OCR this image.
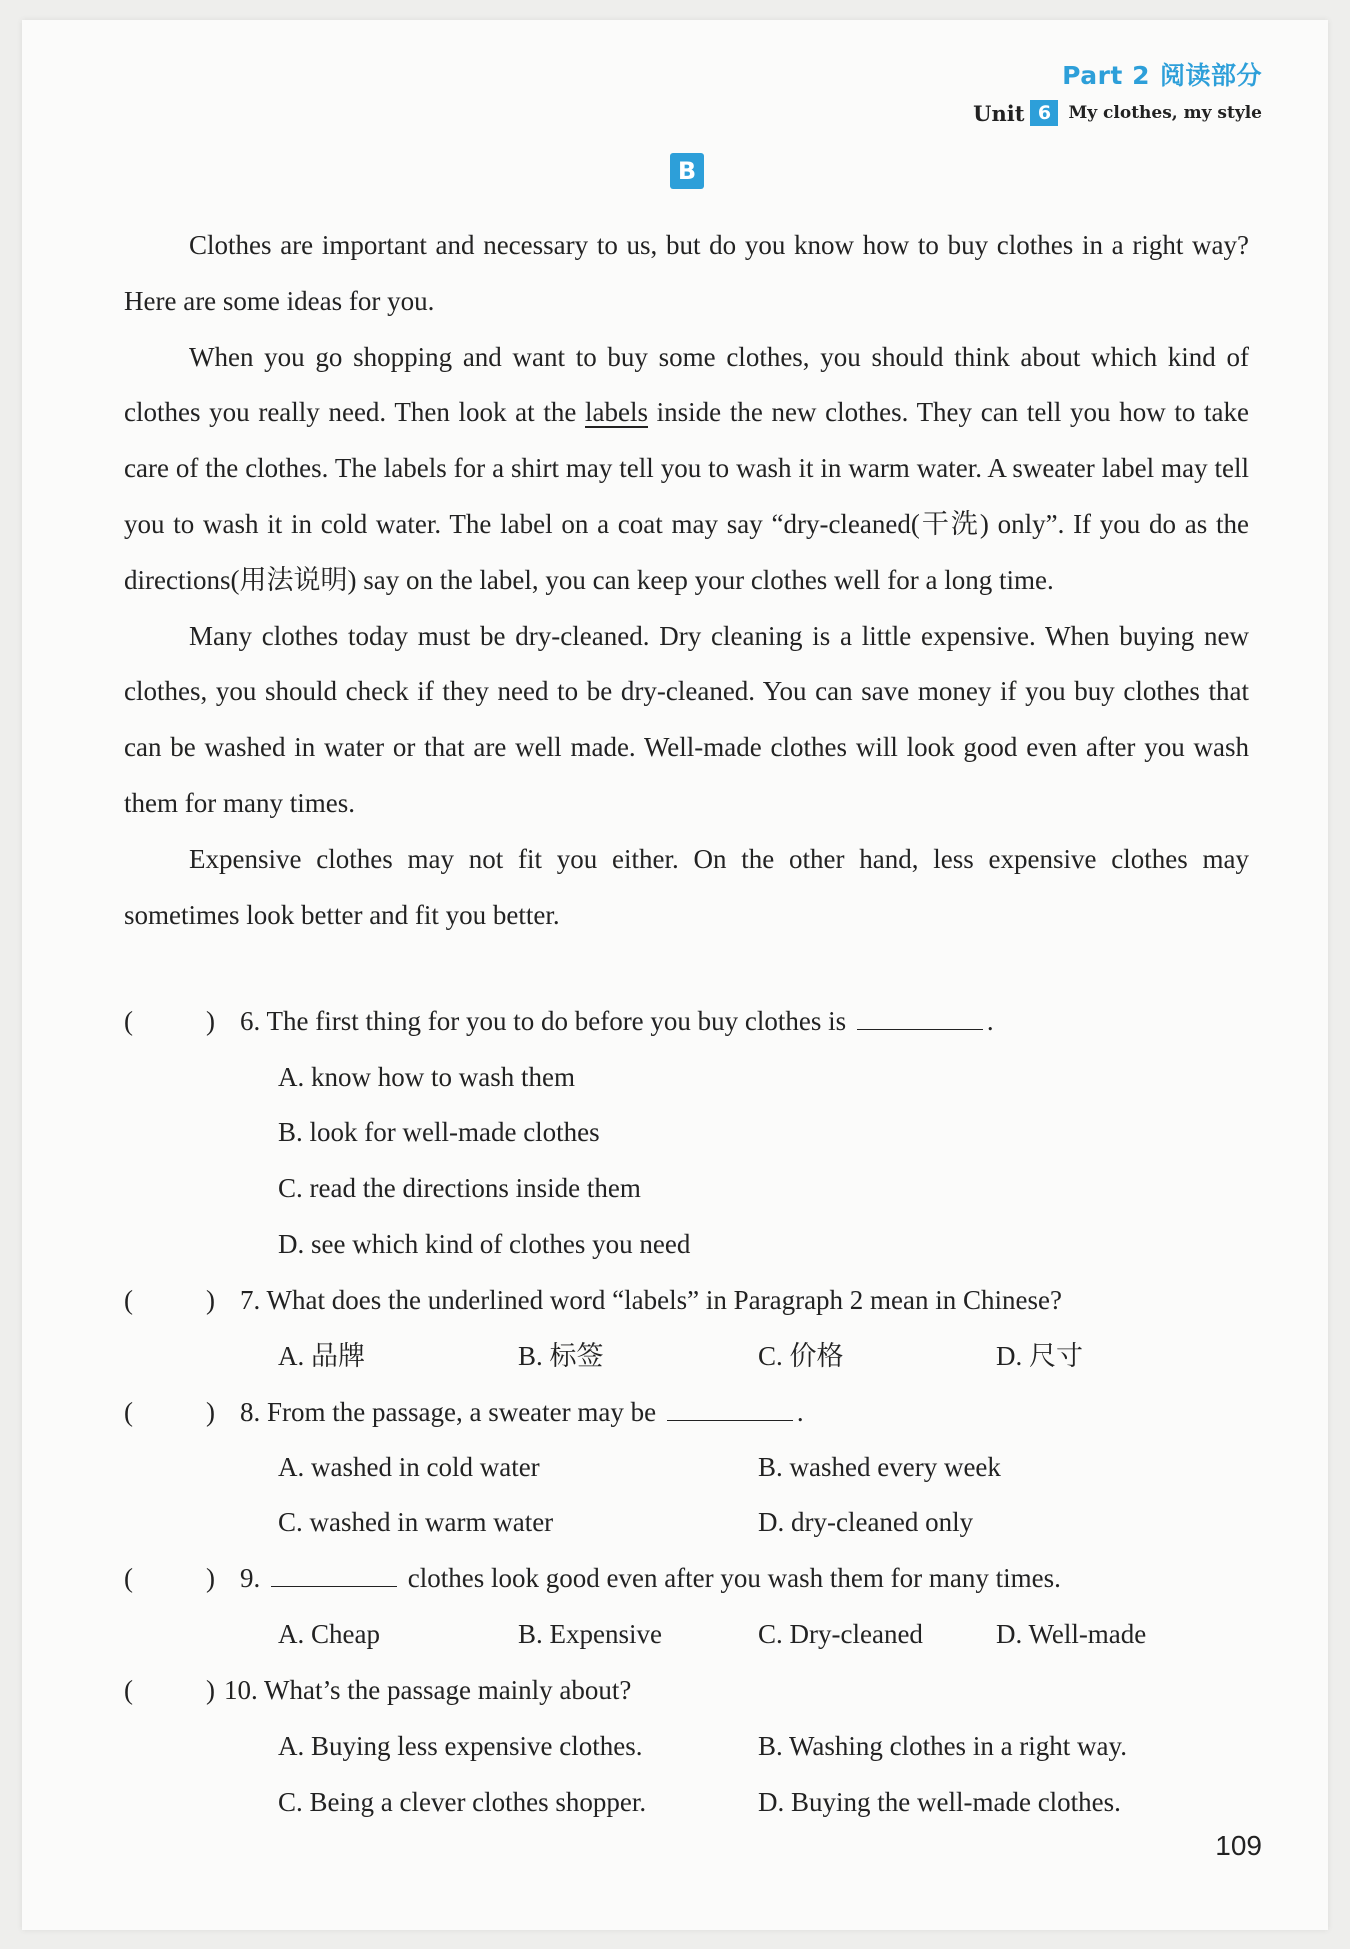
Part 2 阅读部分
Unit 6	My clothes, my style
B

Clothes are important and necessary to us, but do you know how to buy clothes in a right way? Here are some ideas for you.

When you go shopping and want to buy some clothes, you should think about which kind of clothes you really need. Then look at the labels inside the new clothes. They can tell you how to take care of the clothes. The labels for a shirt may tell you to wash it in warm water. A sweater label may tell you to wash it in cold water. The label on a coat may say “dry-cleaned(干洗) only”. If you do as the directions(用法说明) say on the label, you can keep your clothes well for a long time.

Many clothes today must be dry-cleaned. Dry cleaning is a little expensive. When buying new clothes, you should check if they need to be dry-cleaned. You can save money if you buy clothes that can be washed in water or that are well made. Well-made clothes will look good even after you wash them for many times.

Expensive clothes may not fit you either. On the other hand, less expensive clothes may sometimes look better and fit you better.

(	) 6. The first thing for you to do before you buy clothes is	.
A. know how to wash them
B. look for well-made clothes
C. read the directions inside them
D. see which kind of clothes you need
(	) 7. What does the underlined word “labels” in Paragraph 2 mean in Chinese?
A. 品牌	B. 标签	C. 价格	D. 尺寸
(	) 8. From the passage, a sweater may be	.
A. washed in cold water	B. washed every week
C. washed in warm water	D. dry-cleaned only
(	) 9.	clothes look good even after you wash them for many times.
A. Cheap	B. Expensive	C. Dry-cleaned	D. Well-made
(	) 10. What’s the passage mainly about?
A. Buying less expensive clothes.	B. Washing clothes in a right way.
C. Being a clever clothes shopper.	D. Buying the well-made clothes.
109
